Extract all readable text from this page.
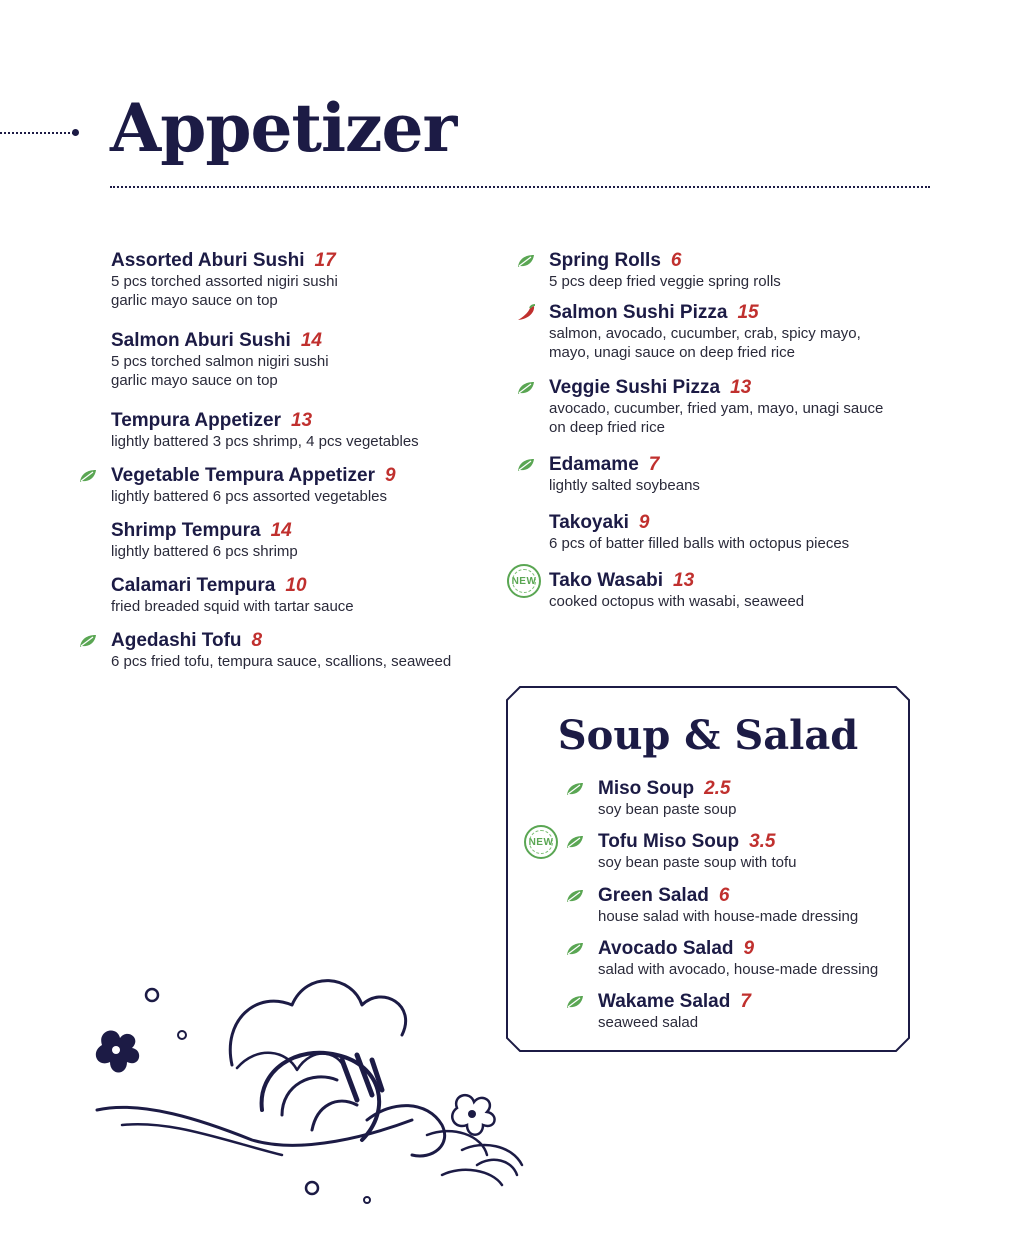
Appetizer
Assorted Aburi Sushi 17
5 pcs torched assorted nigiri sushi
garlic mayo sauce on top
Salmon Aburi Sushi 14
5 pcs torched salmon nigiri sushi
garlic mayo sauce on top
Tempura Appetizer 13
lightly battered 3 pcs shrimp, 4 pcs vegetables
Vegetable Tempura Appetizer 9
lightly battered 6 pcs assorted vegetables
Shrimp Tempura 14
lightly battered 6 pcs shrimp
Calamari Tempura 10
fried breaded squid with tartar sauce
Agedashi Tofu 8
6 pcs fried tofu, tempura sauce, scallions, seaweed
Spring Rolls 6
5 pcs deep fried veggie spring rolls
Salmon Sushi Pizza 15
salmon, avocado, cucumber, crab, spicy mayo,
mayo, unagi sauce on deep fried rice
Veggie Sushi Pizza 13
avocado, cucumber, fried yam, mayo, unagi sauce
on deep fried rice
Edamame 7
lightly salted soybeans
Takoyaki 9
6 pcs of batter filled balls with octopus pieces
NEW Tako Wasabi 13
cooked octopus with wasabi, seaweed
Soup & Salad
Miso Soup 2.5
soy bean paste soup
NEW Tofu Miso Soup 3.5
soy bean paste soup with tofu
Green Salad 6
house salad with house-made dressing
Avocado Salad 9
salad with avocado, house-made dressing
Wakame Salad 7
seaweed salad
